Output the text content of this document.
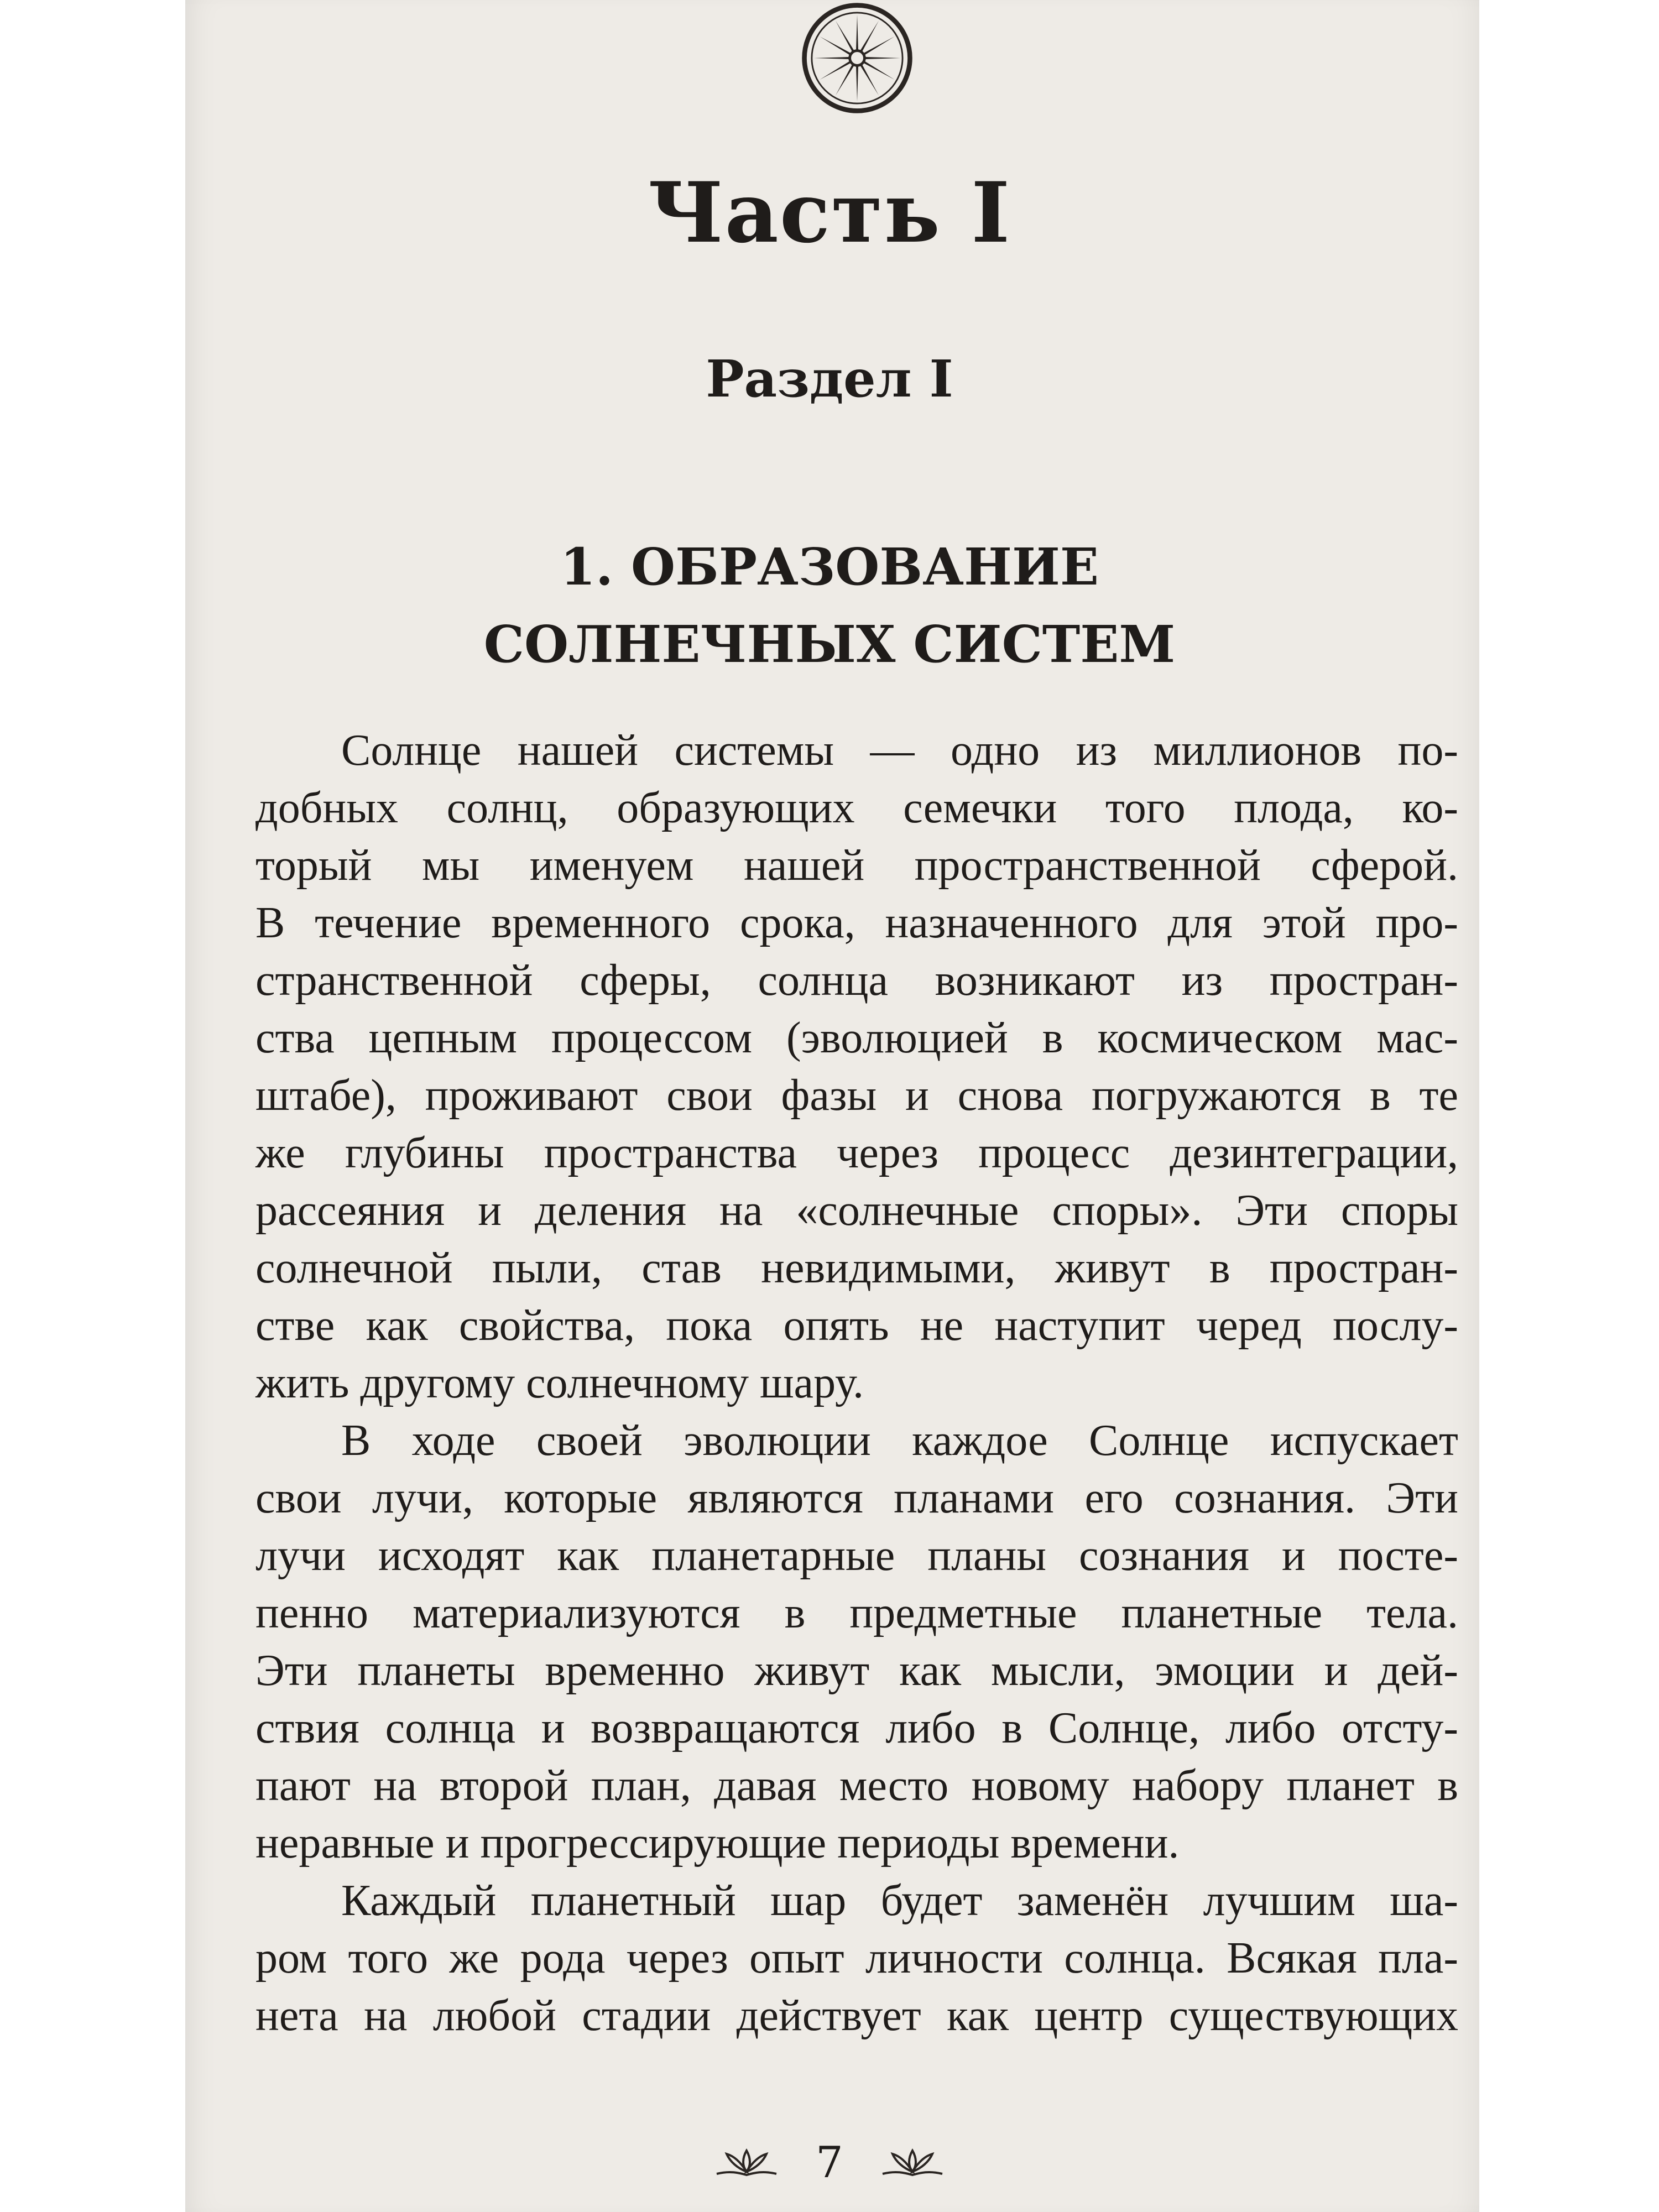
Часть I
Раздел I
1. ОБРАЗОВАНИЕ
СОЛНЕЧНЫХ СИСТЕМ
Солнце нашей системы — одно из миллионов по-
добных солнц, образующих семечки того плода, ко-
торый мы именуем нашей пространственной сферой.
В течение временного срока, назначенного для этой про-
странственной сферы, солнца возникают из простран-
ства цепным процессом (эволюцией в космическом мас-
штабе), проживают свои фазы и снова погружаются в те
же глубины пространства через процесс дезинтеграции,
рассеяния и деления на «солнечные споры». Эти споры
солнечной пыли, став невидимыми, живут в простран-
стве как свойства, пока опять не наступит черед послу-
жить другому солнечному шару.
В ходе своей эволюции каждое Солнце испускает
свои лучи, которые являются планами его сознания. Эти
лучи исходят как планетарные планы сознания и посте-
пенно материализуются в предметные планетные тела.
Эти планеты временно живут как мысли, эмоции и дей-
ствия солнца и возвращаются либо в Солнце, либо отсту-
пают на второй план, давая место новому набору планет в
неравные и прогрессирующие периоды времени.
Каждый планетный шар будет заменён лучшим ша-
ром того же рода через опыт личности солнца. Всякая пла-
нета на любой стадии действует как центр существующих
7
